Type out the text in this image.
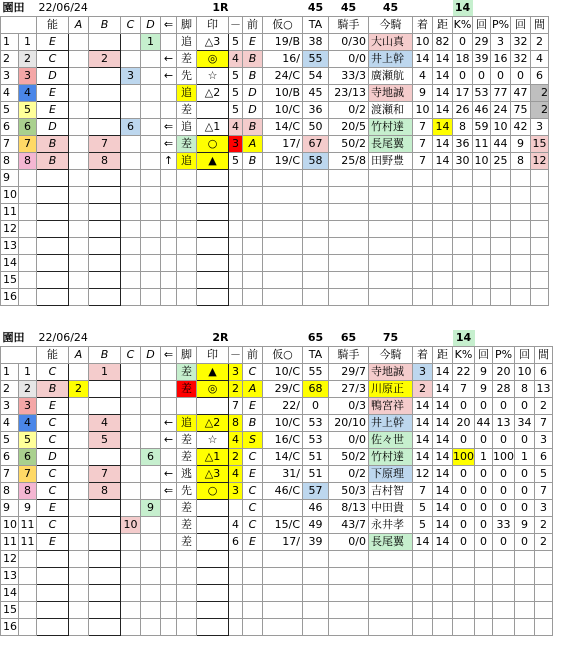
園田		22/06/24					1R						45	45	45			14				
		能	A	B	C	D	⇐	脚	印	－	前	仮○	TA	騎手	今騎	着	距	K%	回	P%	回	間
1	1	E				1		追	△3	5	E	19/B	38	0/30	大山真	10	82	0	29	3	32	2
2	2	C		2			←	差	◎	4	B	16/	55	0/0	井上幹	14	14	18	39	16	32	4
3	3	D			3		←	先	☆	5	B	24/C	54	33/3	廣瀬航	4	14	0	0	0	0	6
4	4	E						追	△2	5	D	10/B	45	23/13	寺地誠	9	14	17	53	77	47	2
5	5	E						差		5	D	10/C	36	0/2	渡瀬和	10	14	26	46	24	75	2
6	6	D			6		⇐	追	△1	4	B	14/C	50	20/5	竹村達	7	14	8	59	10	42	3
7	7	B		7			⇐	差	○	3	A	17/	67	50/2	長尾翼	7	14	36	11	44	9	15
8	8	B		8			↑	追	▲	5	B	19/C	58	25/8	田野豊	7	14	30	10	25	8	12
9																						
10																						
11																						
12																						
13																						
14																						
15																						
16																						
園田		22/06/24					2R						65	65	75			14				
		能	A	B	C	D	⇐	脚	印	－	前	仮○	TA	騎手	今騎	着	距	K%	回	P%	回	間
1	1	C		1				差	▲	3	C	10/C	55	29/7	寺地誠	3	14	22	9	20	10	6
2	2	B	2					差	◎	2	A	29/C	68	27/3	川原正	2	14	7	9	28	8	13
3	3	E								7	E	22/	0	0/3	鴨宮祥	14	14	0	0	0	0	2
4	4	C		4			←	追	△2	8	B	10/C	53	20/10	井上幹	14	14	20	44	13	34	7
5	5	C		5			←	差	☆	4	S	16/C	53	0/0	佐々世	14	14	0	0	0	0	3
6	6	D				6		差	△1	2	C	14/C	51	50/2	竹村達	14	14	100	1	100	1	6
7	7	C		7			←	逃	△3	4	E	31/	51	0/2	下原理	12	14	0	0	0	0	5
8	8	C		8			⇐	先	○	3	C	46/C	57	50/3	吉村智	7	14	0	0	0	0	7
9	9	E				9		差			C		46	8/13	中田貴	5	14	0	0	0	0	3
10	11	C			10			差		4	C	15/C	49	43/7	永井孝	5	14	0	0	33	9	2
11	11	E						差		6	E	17/	39	0/0	長尾翼	14	14	0	0	0	0	2
12																						
13																						
14																						
15																						
16																						
